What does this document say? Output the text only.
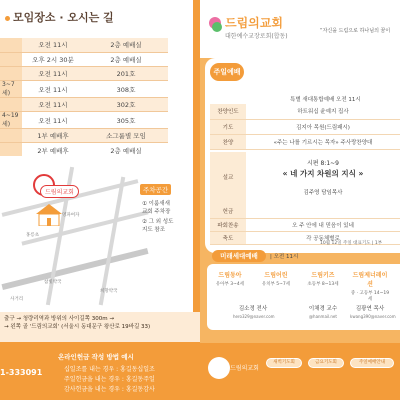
모임장소 · 오시는 길
	오전 11시	2층 예배실
	오후 2시 30분	2층 예배실
	오전 11시	201호
3~7세)	오전 11시	308호
	오전 11시	302호
4~19세)	오전 11시	305호
	1부 예배후	소그룹별 모임
	2부 예배후	2층 예배실

참빛약국
영파여자
홍릉초
사거리
희망약국
드림의교회	주차공간
① 이룸새새
교회 주차장
② 그 외 성도
지도 참조
출구 → 청량리역과 방위의 사이길쪽 300m →
→ 왼쪽 골 '드림의교회' (서울시 동대문구 왕산로 19바길 33)
온라인헌금 작성 방법 예시
십일조를 내는 경우 : 홍길동십일조
주일헌금을 내는 경우 : 홍길동주일
감사헌금을 내는 경우 : 홍길동감사
1-333091
드림의교회
대한예수교장로회(합동)
“자신을 드림으로 하나님의 꿈이
주일예배
특별 새대통합예배 오전 11시
찬양인도	하트워십 윤예지 집사
기도	김지아 목원(드림패시)
찬양	«주는 나를 기르시는 목자» 주사랑찬양대
설교
시편 8:1~9
« 네 가지 차원의 지식 »
김주영 담임목사
헌금	
파회찬송	오 주 안에 내 믿음이 있네
축도	각 공동체별로
10월 12일 주일 대표기도 | 1부
미래세대예배	| 오전 11시
드림동아
유아부 3~4세
드림어린
유치부 5~7세
드림키즈
초등부 8~13세
드림제너레이션
중 · 고등부 14~19세
김소정 전사
hero329@naver.com
이채경 교수
@hanmail.net
김광연 목사
kwang390@naver.com
드림의교회
새벽기도회	금요기도회	주일예배안내
